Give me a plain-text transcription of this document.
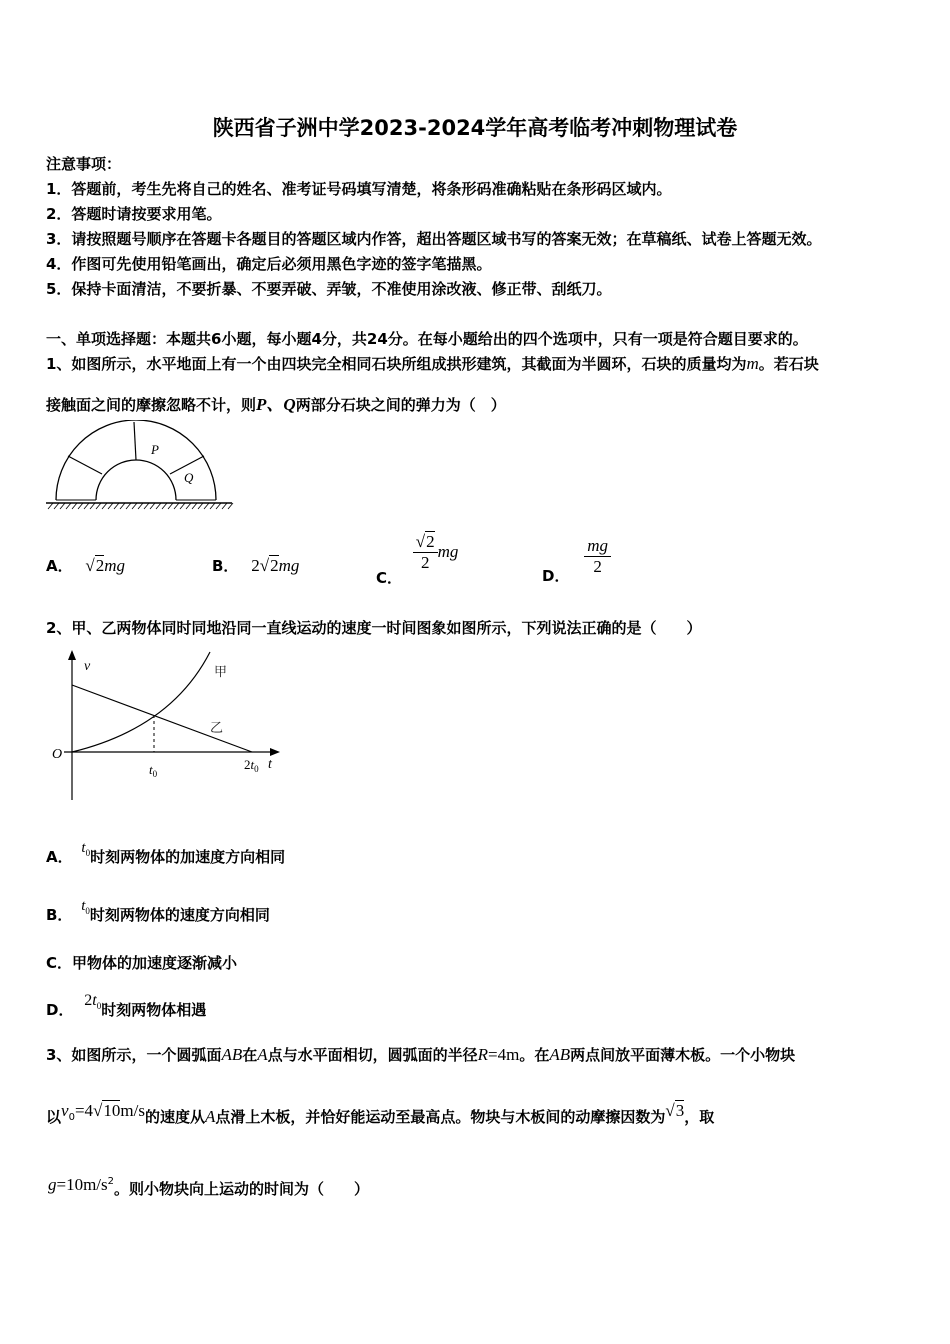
陕西省子洲中学2023-2024学年高考临考冲刺物理试卷
注意事项：
1．答题前，考生先将自己的姓名、准考证号码填写清楚，将条形码准确粘贴在条形码区域内。
2．答题时请按要求用笔。
3．请按照题号顺序在答题卡各题目的答题区域内作答，超出答题区域书写的答案无效；在草稿纸、试卷上答题无效。
4．作图可先使用铅笔画出，确定后必须用黑色字迹的签字笔描黑。
5．保持卡面清洁，不要折暴、不要弄破、弄皱，不准使用涂改液、修正带、刮纸刀。
一、单项选择题：本题共6小题，每小题4分，共24分。在每小题给出的四个选项中，只有一项是符合题目要求的。
1、如图所示，水平地面上有一个由四块完全相同石块所组成拱形建筑，其截面为半圆环，石块的质量均为m。若石块
接触面之间的摩擦忽略不计，则P、Q两部分石块之间的弹力为（　）
P
Q
A． √2mg	B． 2√2mg
C．
$\frac{√2}{2}$ mg
D． $\frac{mg}{2}$
2、甲、乙两物体同时同地沿同一直线运动的速度一时间图象如图所示，下列说法正确的是（　　）
v
O
t
$t_0$
$2t_0$
甲
乙
A． $t_0$时刻两物体的加速度方向相同
B． $t_0$时刻两物体的速度方向相同
C．甲物体的加速度逐渐减小
D． $2t_0$时刻两物体相遇
3、如图所示，一个圆弧面AB在A点与水平面相切，圆弧面的半径R=4m。在AB两点间放平面薄木板。一个小物块
以$v_0=4√10m/s$的速度从A点滑上木板，并恰好能运动至最高点。物块与木板间的动摩擦因数为√3，取
$g=10m/s^2$。则小物块向上运动的时间为（　　）
